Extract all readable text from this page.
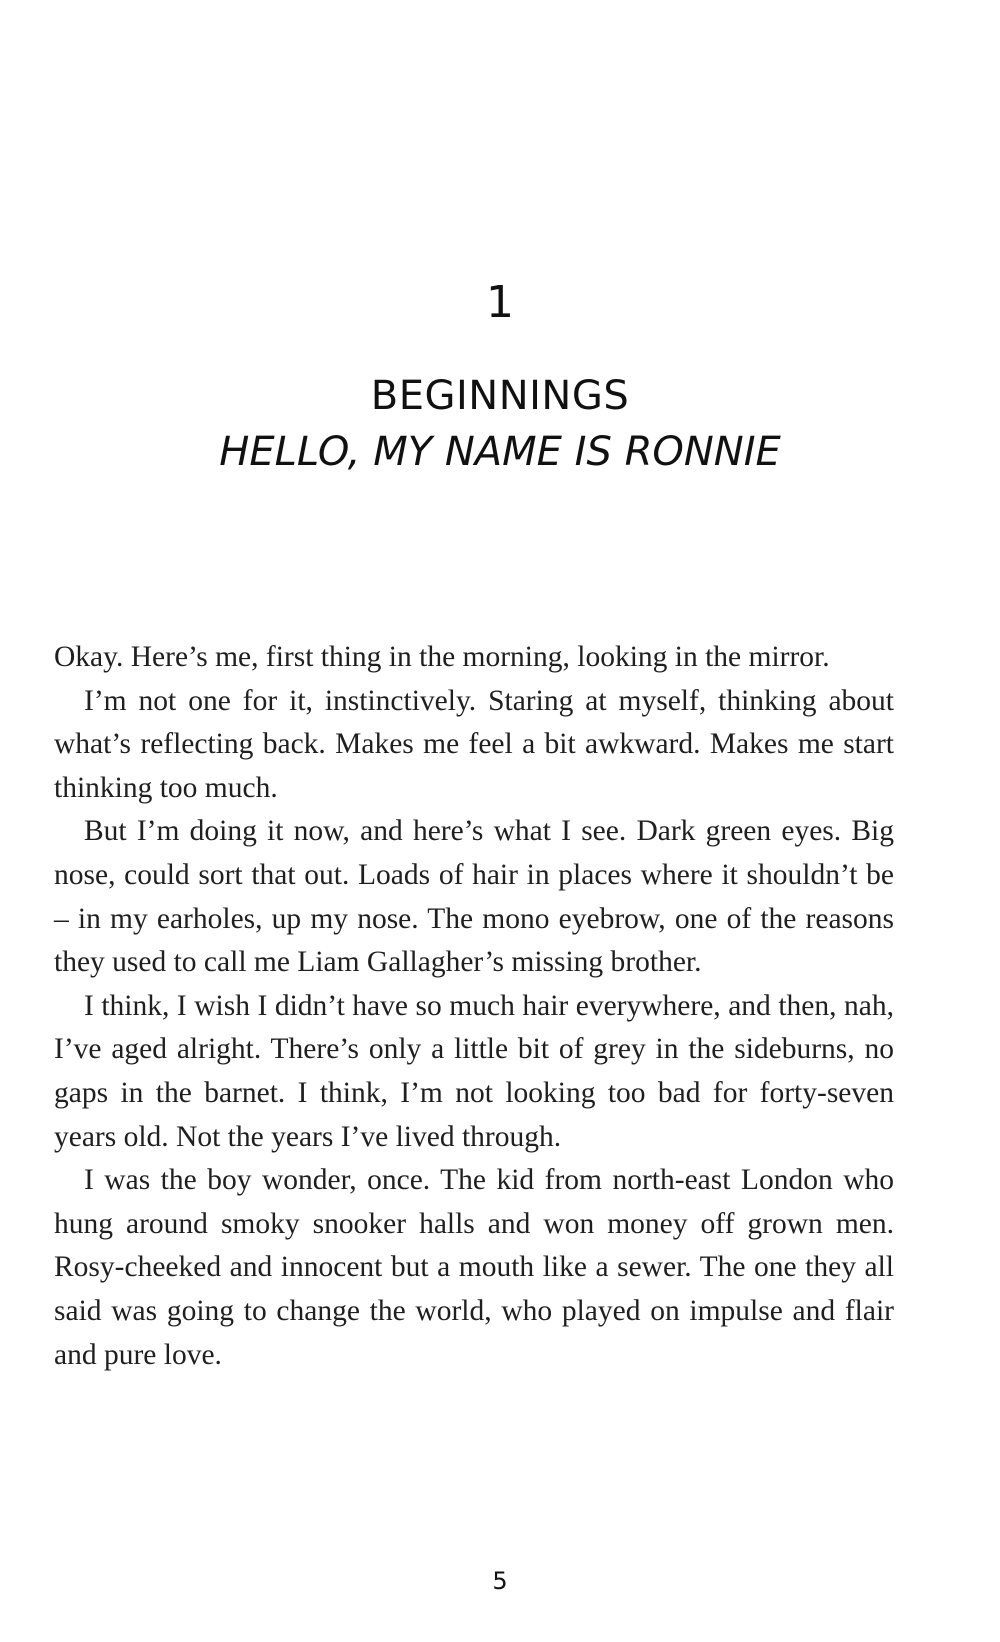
1
BEGINNINGS
HELLO, MY NAME IS RONNIE

Okay. Here’s me, first thing in the morning, looking in the mirror.

I’m not one for it, instinctively. Staring at myself, thinking about what’s reflecting back. Makes me feel a bit awkward. Makes me start thinking too much.

But I’m doing it now, and here’s what I see. Dark green eyes. Big nose, could sort that out. Loads of hair in places where it shouldn’t be – in my earholes, up my nose. The mono eyebrow, one of the reasons they used to call me Liam Gallagher’s missing brother.

I think, I wish I didn’t have so much hair everywhere, and then, nah, I’ve aged alright. There’s only a little bit of grey in the sideburns, no gaps in the barnet. I think, I’m not looking too bad for forty-seven years old. Not the years I’ve lived through.

I was the boy wonder, once. The kid from north-east London who hung around smoky snooker halls and won money off grown men. Rosy-cheeked and innocent but a mouth like a sewer. The one they all said was going to change the world, who played on impulse and flair and pure love.

5
